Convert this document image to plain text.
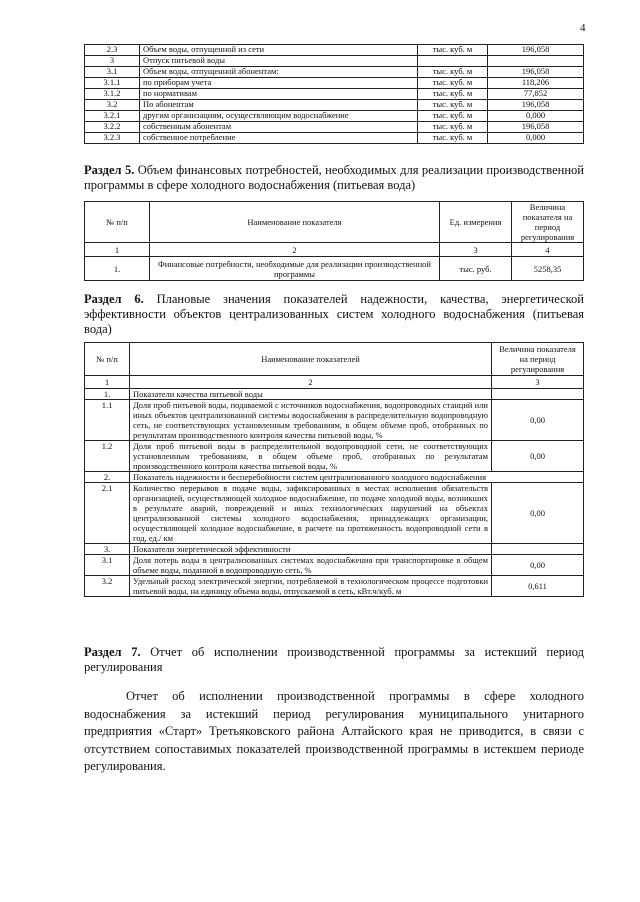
4
2.3	Объем воды, отпущенной из сети	тыс. куб. м	196,058
3	Отпуск питьевой воды		
3.1	Объем воды, отпущенной абонентам:	тыс. куб. м	196,058
3.1.1	по приборам учета	тыс. куб. м	118,206
3.1.2	по нормативам	тыс. куб. м	77,852
3.2	По абонентам	тыс. куб. м	196,058
3.2.1	другим организациям, осуществляющим водоснабжение	тыс. куб. м	0,000
3.2.2	собственным абонентам	тыс. куб. м	196,058
3.2.3	собственное потребление	тыс. куб. м	0,000
Раздел 5. Объем финансовых потребностей, необходимых для реализации производственной программы в сфере холодного водоснабжения (питьевая вода)
№ п/п	Наименование показателя	Ед. измерения	Величина показателя на период регулирования
1	2	3	4
1.	Финансовые потребности, необходимые для реализации производственной программы	тыс. руб.	5258,35
Раздел 6. Плановые значения показателей надежности, качества, энергетической эффективности объектов централизованных систем холодного водоснабжения (питьевая вода)
№ п/п	Наименование показателей	Величина показателя на период регулирования
1	2	3
1.	Показатели качества питьевой воды	
1.1	Доля проб питьевой воды, подаваемой с источников водоснабжения, водопроводных станций или иных объектов централизованной системы водоснабжения в распределительную водопроводную сеть, не соответствующих установленным требованиям, в общем объеме проб, отобранных по результатам производственного контроля качества питьевой воды, %	0,00
1.2	Доля проб питьевой воды в распределительной водопроводной сети, не соответствующих установленным требованиям, в общем объеме проб, отобранных по результатам производственного контроля качества питьевой воды, %	0,00
2.	Показатель надежности и бесперебойности систем централизованного холодного водоснабжения	
2.1	Количество перерывов в подаче воды, зафиксированных в местах исполнения обязательств организацией, осуществляющей холодное водоснабжение, по подаче холодной воды, возникших в результате аварий, повреждений и иных технологических нарушений на объектах централизованной системы холодного водоснабжения, принадлежащих организации, осуществляющей холодное водоснабжение, в расчете на протяженность водопроводной сети в год, ед./ км	0,00
3.	Показатели энергетической эффективности	
3.1	Доля потерь воды в централизованных системах водоснабжения при транспортировке в общем объеме воды, поданной в водопроводную сеть, %	0,00
3.2	Удельный расход электрической энергии, потребляемой в технологическом процессе подготовки питьевой воды, на единицу объема воды, отпускаемой в сеть, кВт.ч/куб. м	0,611
Раздел 7. Отчет об исполнении производственной программы за истекший период регулирования
Отчет об исполнении производственной программы в сфере холодного водоснабжения за истекший период регулирования муниципального унитарного предприятия «Старт» Третьяковского района Алтайского края не приводится, в связи с отсутствием сопоставимых показателей производственной программы в истекшем периоде регулирования.
